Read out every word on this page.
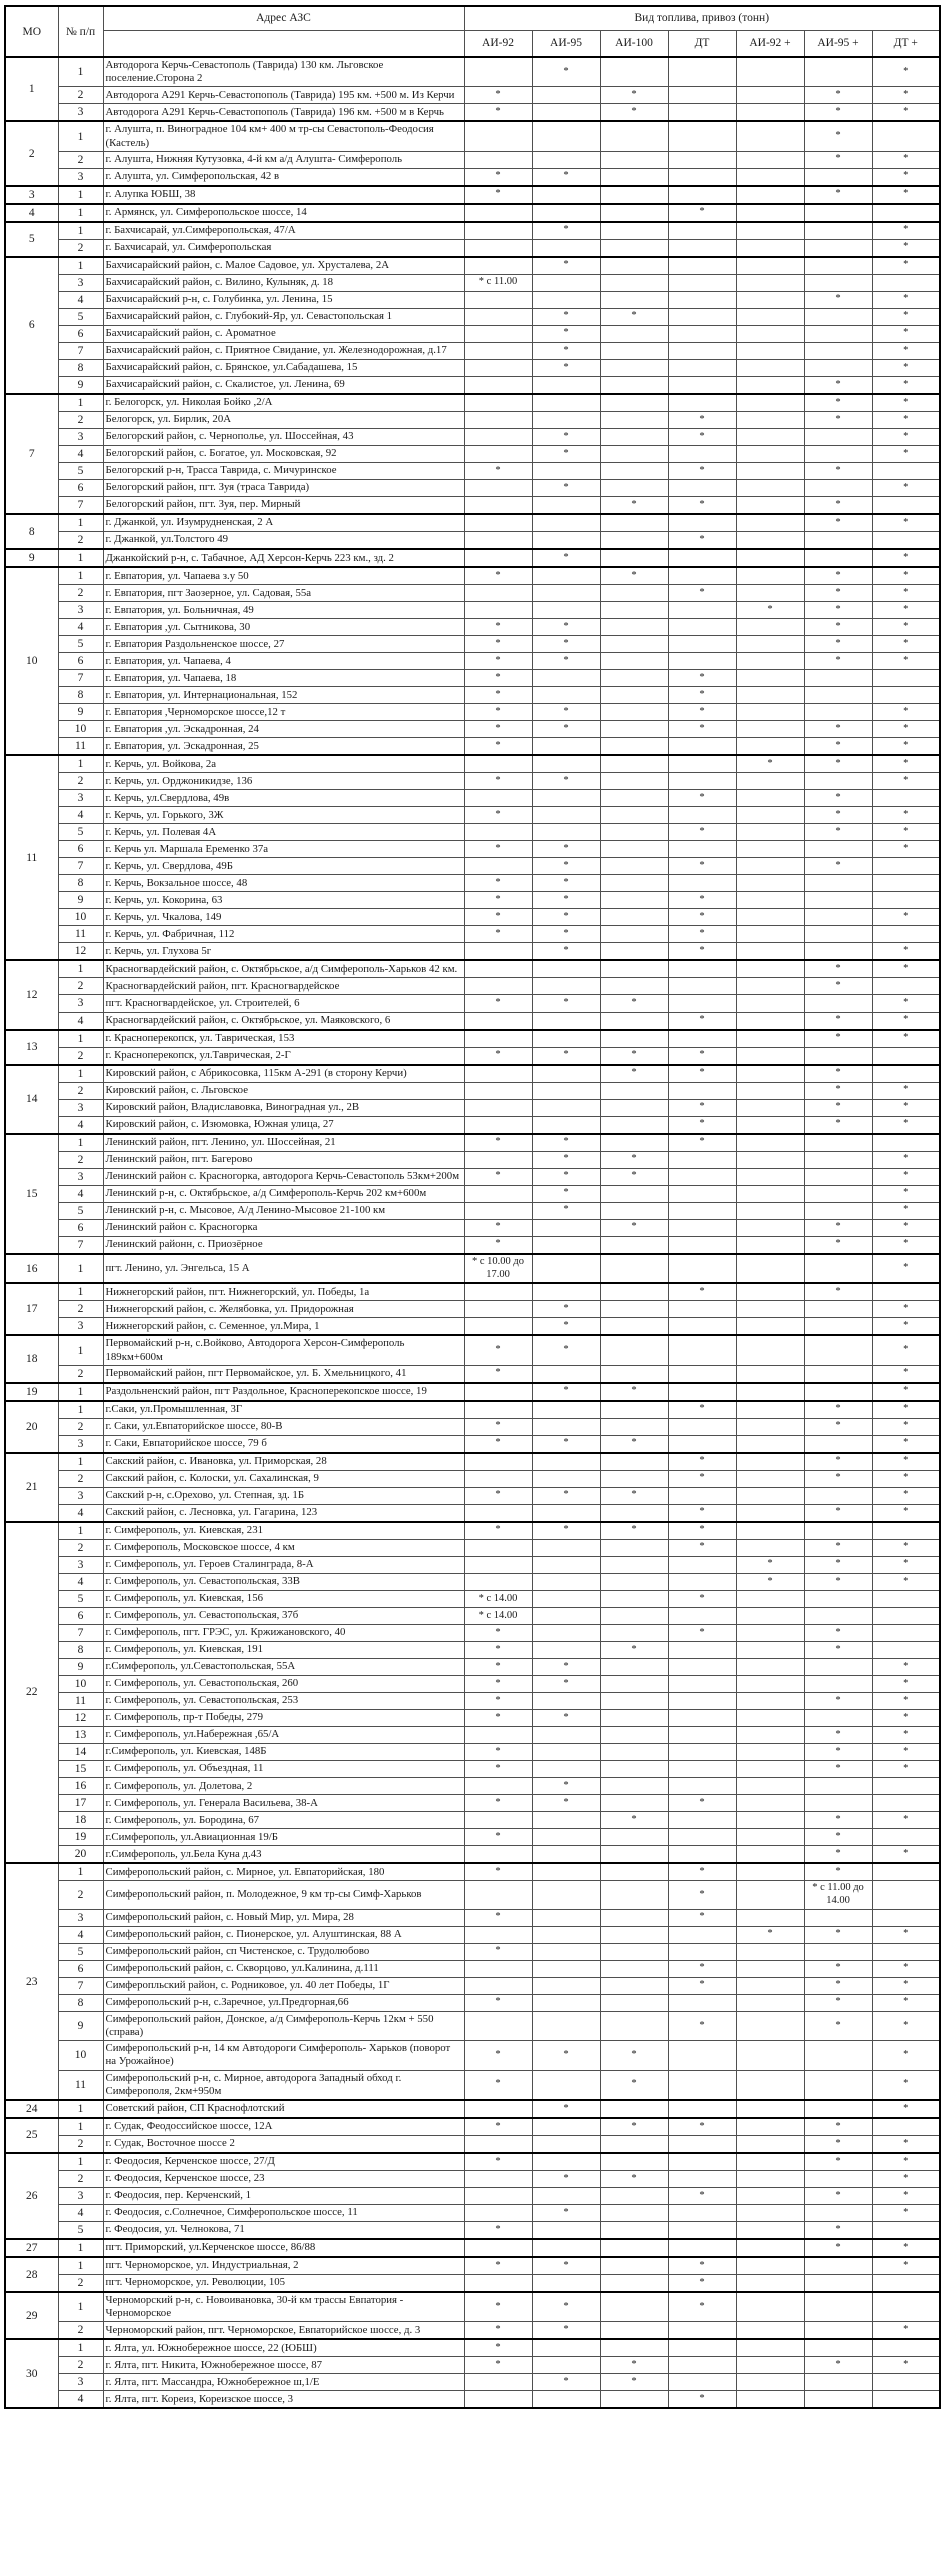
МО	№ п/п	Адрес АЗС	Вид топлива, привоз (тонн)						
			АИ-92	АИ-95	АИ-100	ДТ	АИ-92 +	АИ-95 +	ДТ +
1	1	Автодорога Керчь-Севастополь (Таврида) 130 км. Льговское поселение.Сторона 2		*					*
	2	Автодорога А291 Керчь-Севастопополь (Таврида) 195 км. +500 м. Из Керчи	*		*			*	*
	3	Автодорога А291 Керчь-Севастопополь (Таврида) 196 км. +500 м в Керчь	*		*			*	*
2	1	г. Алушта, п. Виноградное 104 км+ 400 м тр-сы Севастополь-Феодосия (Кастель)						*	
	2	г. Алушта, Нижняя Кутузовка, 4-й км а/д Алушта- Симферополь						*	*
	3	г. Алушта, ул. Симферопольская, 42 в	*	*					*
3	1	г. Алупка ЮБШ, 38	*					*	*
4	1	г. Армянск, ул. Симферопольское шоссе, 14				*			
5	1	г. Бахчисарай, ул.Симферопольская, 47/А		*					*
	2	г. Бахчисарай, ул. Симферопольская							*
6	1	Бахчисарайский район, с. Малое Садовое, ул. Хрусталева, 2А		*					*
	3	Бахчисарайский район, с. Вилино, Кулыняк, д. 18	* с 11.00						
	4	Бахчисарайский р-н, с. Голубинка, ул. Ленина, 15						*	*
	5	Бахчисарайский район, с. Глубокий-Яр, ул. Севастопольская 1		*	*				*
	6	Бахчисарайский район, с. Ароматное		*					*
	7	Бахчисарайский район, с. Приятное Свидание, ул. Железнодорожная, д.17		*					*
	8	Бахчисарайский район, с. Брянское, ул.Сабадашева, 15		*					*
	9	Бахчисарайский район, с. Скалистое, ул. Ленина, 69						*	*
7	1	г. Белогорск, ул. Николая Бойко ,2/А						*	*
	2	Белогорск, ул. Бирлик, 20А				*		*	*
	3	Белогорский район, с. Чернополье, ул. Шоссейная, 43		*		*			*
	4	Белогорский район, с. Богатое, ул. Московская, 92		*					*
	5	Белогорский р-н, Трасса Таврида, с. Мичуринское	*			*		*	
	6	Белогорский район, пгт. Зуя (траса Таврида)		*					*
	7	Белогорский район, пгт. Зуя, пер. Мирный			*	*		*	
8	1	г. Джанкой, ул. Изумрудненская, 2 А						*	*
	2	г. Джанкой, ул.Толстого 49				*			
9	1	Джанкойский р-н, с. Табачное, АД Херсон-Керчь 223 км., зд. 2		*					*
10	1	г. Евпатория, ул. Чапаева з.у 50	*		*			*	*
	2	г. Евпатория, пгт Заозерное, ул. Садовая, 55а				*		*	*
	3	г. Евпатория, ул. Больничная, 49					*	*	*
	4	г. Евпатория ,ул. Сытникова, 30	*	*				*	*
	5	г. Евпатория Раздольненское шоссе, 27	*	*				*	*
	6	г. Евпатория, ул. Чапаева, 4	*	*				*	*
	7	г. Евпатория, ул. Чапаева, 18	*			*			
	8	г. Евпатория, ул. Интернациональная, 152	*			*			
	9	г. Евпатория ,Черноморское шоссе,12 т	*	*		*			*
	10	г. Евпатория ,ул. Эскадронная, 24	*	*		*		*	*
	11	г. Евпатория, ул. Эскадронная, 25	*					*	*
11	1	г. Керчь, ул. Войкова, 2а					*	*	*
	2	г. Керчь, ул. Орджоникидзе, 136	*	*					*
	3	г. Керчь, ул.Свердлова, 49в				*		*	
	4	г. Керчь, ул. Горького, 3Ж	*					*	*
	5	г. Керчь, ул. Полевая 4А				*		*	*
	6	г. Керчь ул. Маршала Еременко 37а	*	*					*
	7	г. Керчь, ул. Свердлова, 49Б		*		*		*	
	8	г. Керчь, Вокзальное шоссе, 48	*	*					
	9	г. Керчь, ул. Кокорина, 63	*	*		*			
	10	г. Керчь, ул. Чкалова, 149	*	*		*			*
	11	г. Керчь, ул. Фабричная, 112	*	*		*			
	12	г. Керчь, ул. Глухова 5г		*		*			*
12	1	Красногвардейский район, с. Октябрьское, а/д Симферополь-Харьков 42 км.						*	*
	2	Красногвардейский район, пгт. Красногвардейское						*	
	3	пгт. Красногвардейское, ул. Строителей, 6	*	*	*				*
	4	Красногвардейский район, с. Октябрьское, ул. Маяковского, 6				*		*	*
13	1	г. Красноперекопск, ул. Таврическая, 153						*	*
	2	г. Красноперекопск, ул.Таврическая, 2-Г	*	*	*	*			
14	1	Кировский район, с Абрикосовка, 115км А-291 (в сторону Керчи)			*	*		*	
	2	Кировский район, с. Льговское						*	*
	3	Кировский район, Владиславовка, Виноградная ул., 2В				*		*	*
	4	Кировский район, с. Изюмовка, Южная улица, 27				*		*	*
15	1	Ленинский район, пгт. Ленино, ул. Шоссейная, 21	*	*		*			
	2	Ленинский район, пгт. Багерово		*	*				*
	3	Ленинский район с. Красногорка, автодорога Керчь-Севастополь 53км+200м	*	*	*				*
	4	Ленинский р-н, с. Октябрьское, а/д Симферополь-Керчь 202 км+600м		*					*
	5	Ленинский р-н, с. Мысовое, А/д Ленино-Мысовое 21-100 км		*					*
	6	Ленинский район с. Красногорка	*		*			*	*
	7	Ленинский районн, с. Приозёрное	*					*	*
16	1	пгт. Ленино, ул. Энгельса, 15 А	* с 10.00 до 17.00						*
17	1	Нижнегорский район, пгт. Нижнегорский, ул. Победы, 1а				*		*	
	2	Нижнегорский район, с. Желябовка, ул. Придорожная		*					*
	3	Нижнегорский район, с. Семенное, ул.Мира, 1		*					*
18	1	Первомайский р-н, с.Войково, Автодорога Херсон-Симферополь 189км+600м	*	*					*
	2	Первомайский район, пгт Первомайское, ул. Б. Хмельницкого, 41	*						*
19	1	Раздольненский район, пгт Раздольное, Красноперекопское шоссе, 19		*	*				*
20	1	г.Саки, ул.Промышленная, 3Г				*		*	*
	2	г. Саки, ул.Евпаторийское шоссе, 80-В	*					*	*
	3	г. Саки, Евпаторийское шоссе, 79 б	*	*	*				*
21	1	Сакский район, с. Ивановка, ул. Приморская, 28				*		*	*
	2	Сакский район, с. Колоски, ул. Сахалинская, 9				*		*	*
	3	Сакский р-н, с.Орехово, ул. Степная, зд. 1Б	*	*	*				*
	4	Сакский район, с. Лесновка, ул. Гагарина, 123				*		*	*
22	1	г. Симферополь, ул. Киевская, 231	*	*	*	*			
	2	г. Симферополь, Московское шоссе, 4 км				*		*	*
	3	г. Симферополь, ул. Героев Сталинграда, 8-А					*	*	*
	4	г. Симферополь, ул. Севастопольская, 33В					*	*	*
	5	г. Симферополь, ул. Киевская, 156	* с 14.00			*			
	6	г. Симферополь, ул. Севастопольская, 37б	* с 14.00						
	7	г. Симферополь, пгт. ГРЭС, ул. Кржижановского, 40	*			*		*	
	8	г. Симферополь, ул. Киевская, 191	*		*			*	
	9	г.Симферополь, ул.Севастопольская, 55А	*	*					*
	10	г. Симферополь, ул. Севастопольская, 260	*	*					*
	11	г. Симферополь, ул. Севастопольская, 253	*					*	*
	12	г. Симферополь, пр-т Победы, 279	*	*					*
	13	г. Симферополь, ул.Набережная ,65/А						*	*
	14	г.Симферополь, ул. Киевская, 148Б	*					*	*
	15	г. Симферополь, ул. Объездная, 11	*					*	*
	16	г. Симферополь, ул. Долетова, 2		*					
	17	г. Симферополь, ул. Генерала Васильева, 38-А	*	*		*			
	18	г. Симферополь, ул. Бородина, 67			*			*	*
	19	г.Симферополь, ул.Авиационная 19/Б	*					*	
	20	г.Симферополь, ул.Бела Куна д.43						*	*
23	1	Симферопольский район, с. Мирное, ул. Евпаторийская, 180	*			*		*	
	2	Симферопольский район, п. Молодежное, 9 км тр-сы Симф-Харьков				*		* с 11.00 до 14.00	
	3	Симферопольский район, с. Новый Мир, ул. Мира, 28	*			*			
	4	Симферопольский район, с. Пионерское, ул. Алуштинская, 88 А					*	*	*
	5	Симферопольский район, сп Чистенское, с. Трудолюбово	*						
	6	Симферопольский район, с. Скворцово, ул.Калинина, д.111				*		*	*
	7	Симферопльский район, с. Родниковое, ул. 40 лет Победы, 1Г				*		*	*
	8	Симферопольский р-н, с.Заречное, ул.Предгорная,66	*					*	*
	9	Симферопольский район, Донское, а/д Симферополь-Керчь 12км + 550 (справа)				*		*	*
	10	Симферопольский р-н, 14 км Автодороги Симферополь- Харьков (поворот на Урожайное)	*	*	*				*
	11	Симферопольский р-н, с. Мирное, автодорога Западный обход г. Симферополя, 2км+950м	*		*				*
24	1	Советский район, СП Краснофлотский		*					*
25	1	г. Судак, Феодоссийское шоссе, 12А	*		*	*		*	
	2	г. Судак, Восточное шоссе 2						*	*
26	1	г. Феодосия, Керченское шоссе, 27/Д	*					*	*
	2	г. Феодосия, Керченское шоссе, 23		*	*				*
	3	г. Феодосия, пер. Керченский, 1				*		*	*
	4	г. Феодосия, с.Солнечное, Симферопольское шоссе, 11		*					*
	5	г. Феодосия, ул. Челнокова, 71	*					*	
27	1	пгт. Приморский, ул.Керченское шоссе, 86/88						*	*
28	1	пгт. Черноморское, ул. Индустриальная, 2	*	*		*			*
	2	пгт. Черноморское, ул. Революции, 105				*			
29	1	Черноморский р-н, с. Новоивановка, 30-й км трассы Евпатория - Черноморское	*	*		*			
	2	Черноморский район, пгт. Черноморское, Евпаторийское шоссе, д. 3	*	*					*
30	1	г. Ялта, ул. Южнобережное шоссе, 22 (ЮБШ)	*						
	2	г. Ялта, пгт. Никита, Южнобережное шоссе, 87	*		*			*	*
	3	г. Ялта, пгт. Массандра, Южнобережное ш,1/Е		*	*				
	4	г. Ялта, пгт. Кореиз, Кореизское шоссе, 3				*			
